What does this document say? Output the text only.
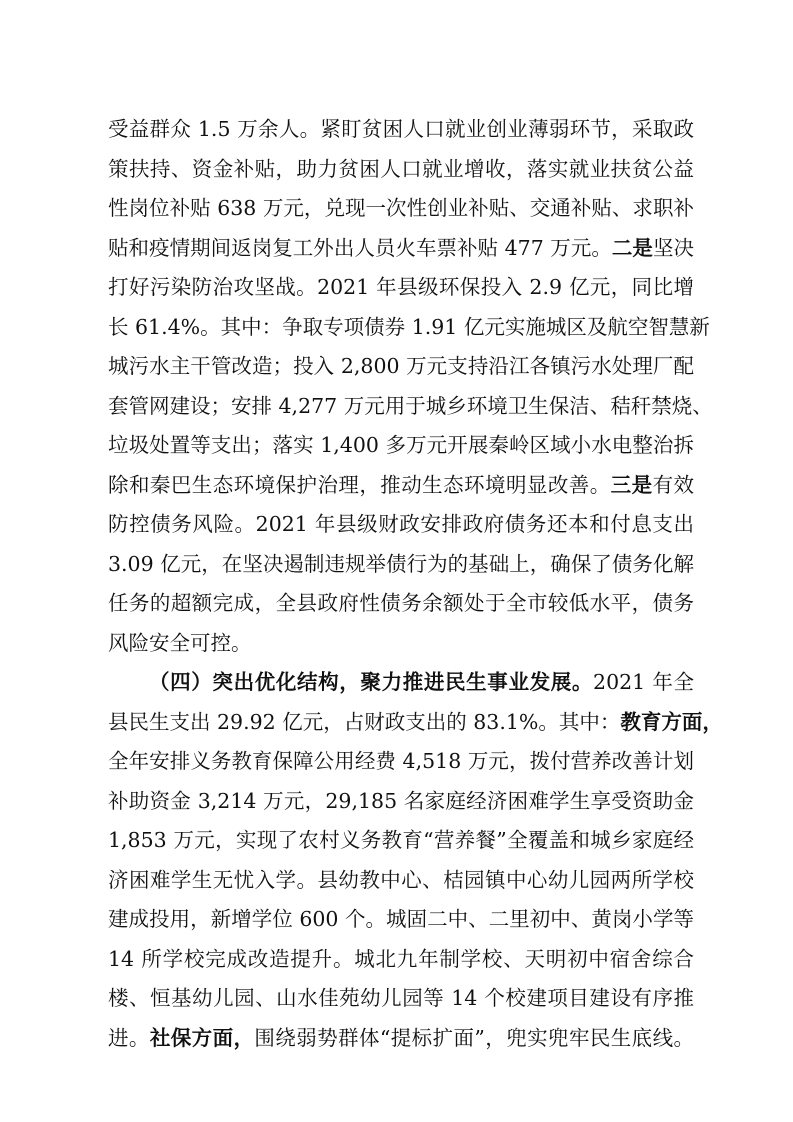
受益群众 1.5 万余人。紧盯贫困人口就业创业薄弱环节，采取政
策扶持、资金补贴，助力贫困人口就业增收，落实就业扶贫公益
性岗位补贴 638 万元，兑现一次性创业补贴、交通补贴、求职补
贴和疫情期间返岗复工外出人员火车票补贴 477 万元。二是坚决
打好污染防治攻坚战。2021 年县级环保投入 2.9 亿元，同比增
长 61.4%。其中：争取专项债券 1.91 亿元实施城区及航空智慧新
城污水主干管改造；投入 2,800 万元支持沿江各镇污水处理厂配
套管网建设；安排 4,277 万元用于城乡环境卫生保洁、秸秆禁烧、
垃圾处置等支出；落实 1,400 多万元开展秦岭区域小水电整治拆
除和秦巴生态环境保护治理，推动生态环境明显改善。三是有效
防控债务风险。2021 年县级财政安排政府债务还本和付息支出
3.09 亿元，在坚决遏制违规举债行为的基础上，确保了债务化解
任务的超额完成，全县政府性债务余额处于全市较低水平，债务
风险安全可控。
（四）突出优化结构，聚力推进民生事业发展。2021 年全
县民生支出 29.92 亿元，占财政支出的 83.1%。其中：教育方面，
全年安排义务教育保障公用经费 4,518 万元，拨付营养改善计划
补助资金 3,214 万元，29,185 名家庭经济困难学生享受资助金
1,853 万元，实现了农村义务教育“营养餐”全覆盖和城乡家庭经
济困难学生无忧入学。县幼教中心、桔园镇中心幼儿园两所学校
建成投用，新增学位 600 个。城固二中、二里初中、黄岗小学等
14 所学校完成改造提升。城北九年制学校、天明初中宿舍综合
楼、恒基幼儿园、山水佳苑幼儿园等 14 个校建项目建设有序推
进。社保方面，围绕弱势群体“提标扩面”，兜实兜牢民生底线。
